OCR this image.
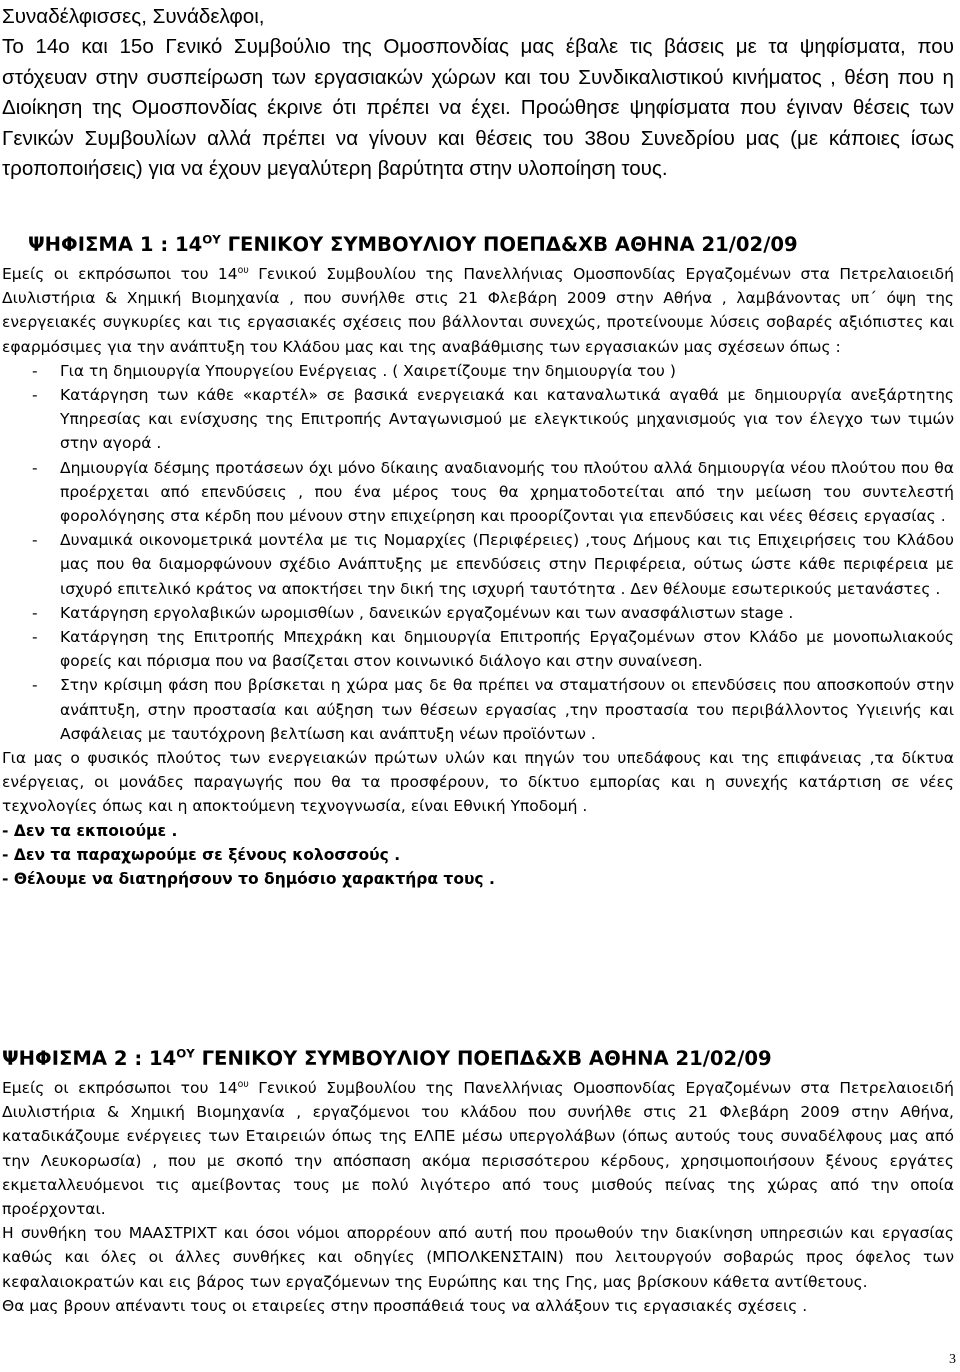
Συναδέλφισσες, Συνάδελφοι,

Το 14ο και 15ο Γενικό Συμβούλιο της Ομοσπονδίας μας έβαλε τις βάσεις με τα ψηφίσματα, που στόχευαν στην συσπείρωση των εργασιακών χώρων και του Συνδικαλιστικού κινήματος , θέση που η Διοίκηση της Ομοσπονδίας έκρινε ότι πρέπει να έχει. Προώθησε ψηφίσματα που έγιναν θέσεις των Γενικών Συμβουλίων αλλά πρέπει να γίνουν και θέσεις του 38ου Συνεδρίου μας (με κάποιες ίσως τροποποιήσεις) για να έχουν μεγαλύτερη βαρύτητα στην υλοποίηση τους.

ΨΗΦΙΣΜΑ 1 : $14^{O\Upsilon}$ ΓΕΝΙΚΟΥ ΣΥΜΒΟΥΛΙΟΥ ΠΟΕΠΔ&ΧΒ ΑΘΗΝΑ 21/02/09

Εμείς οι εκπρόσωποι του $14^{o\upsilon}$ Γενικού Συμβουλίου της Πανελλήνιας Ομοσπονδίας Εργαζομένων στα Πετρελαιοειδή Διυλιστήρια & Χημική Βιομηχανία , που συνήλθε στις 21 Φλεβάρη 2009 στην Αθήνα , λαμβάνοντας υπ΄ όψη της ενεργειακές συγκυρίες και τις εργασιακές σχέσεις που βάλλονται συνεχώς, προτείνουμε λύσεις σοβαρές αξιόπιστες και εφαρμόσιμες για την ανάπτυξη του Κλάδου μας και της αναβάθμισης των εργασιακών μας σχέσεων όπως :

- Για τη δημιουργία Υπουργείου Ενέργειας . ( Χαιρετίζουμε την δημιουργία του )
- Κατάργηση των κάθε «καρτέλ» σε βασικά ενεργειακά και καταναλωτικά αγαθά με δημιουργία ανεξάρτητης Υπηρεσίας και ενίσχυσης της Επιτροπής Ανταγωνισμού με ελεγκτικούς μηχανισμούς για τον έλεγχο των τιμών στην αγορά .
- Δημιουργία δέσμης προτάσεων όχι μόνο δίκαιης αναδιανομής του πλούτου αλλά δημιουργία νέου πλούτου που θα προέρχεται από επενδύσεις , που ένα μέρος τους θα χρηματοδοτείται από την μείωση του συντελεστή φορολόγησης στα κέρδη που μένουν στην επιχείρηση και προορίζονται για επενδύσεις και νέες θέσεις εργασίας .
- Δυναμικά οικονομετρικά μοντέλα με τις Νομαρχίες (Περιφέρειες) ,τους Δήμους και τις Επιχειρήσεις του Κλάδου μας που θα διαμορφώνουν σχέδιο Ανάπτυξης με επενδύσεις στην Περιφέρεια, ούτως ώστε κάθε περιφέρεια με ισχυρό επιτελικό κράτος να αποκτήσει την δική της ισχυρή ταυτότητα . Δεν θέλουμε εσωτερικούς μετανάστες .
- Κατάργηση εργολαβικών ωρομισθίων , δανεικών εργαζομένων και των ανασφάλιστων stage .
- Κατάργηση της Επιτροπής Μπεχράκη και δημιουργία Επιτροπής Εργαζομένων στον Κλάδο με μονοπωλιακούς φορείς και πόρισμα που να βασίζεται στον κοινωνικό διάλογο και στην συναίνεση.
- Στην κρίσιμη φάση που βρίσκεται η χώρα μας δε θα πρέπει να σταματήσουν οι επενδύσεις που αποσκοπούν στην ανάπτυξη, στην προστασία και αύξηση των θέσεων εργασίας ,την προστασία του περιβάλλοντος Υγιεινής και Ασφάλειας με ταυτόχρονη βελτίωση και ανάπτυξη νέων προϊόντων .

Για μας ο φυσικός πλούτος των ενεργειακών πρώτων υλών και πηγών του υπεδάφους και της επιφάνειας ,τα δίκτυα ενέργειας, οι μονάδες παραγωγής που θα τα προσφέρουν, το δίκτυο εμπορίας και η συνεχής κατάρτιση σε νέες τεχνολογίες όπως και η αποκτούμενη τεχνογνωσία, είναι Εθνική Υποδομή .

- Δεν τα εκποιούμε .

- Δεν τα παραχωρούμε σε ξένους κολοσσούς .

- Θέλουμε να διατηρήσουν το δημόσιο χαρακτήρα τους .

ΨΗΦΙΣΜΑ 2 : $14^{O\Upsilon}$ ΓΕΝΙΚΟΥ ΣΥΜΒΟΥΛΙΟΥ ΠΟΕΠΔ&ΧΒ ΑΘΗΝΑ 21/02/09

Εμείς οι εκπρόσωποι του $14^{o\upsilon}$ Γενικού Συμβουλίου της Πανελλήνιας Ομοσπονδίας Εργαζομένων στα Πετρελαιοειδή Διυλιστήρια & Χημική Βιομηχανία , εργαζόμενοι του κλάδου που συνήλθε στις 21 Φλεβάρη 2009 στην Αθήνα, καταδικάζουμε ενέργειες των Εταιρειών όπως της ΕΛΠΕ μέσω υπεργολάβων (όπως αυτούς τους συναδέλφους μας από την Λευκορωσία) , που με σκοπό την απόσπαση ακόμα περισσότερου κέρδους, χρησιμοποιήσουν ξένους εργάτες εκμεταλλευόμενοι τις αμείβοντας τους με πολύ λιγότερο από τους μισθούς πείνας της χώρας από την οποία προέρχονται.

Η συνθήκη του ΜΑΑΣΤΡΙΧΤ και όσοι νόμοι απορρέουν από αυτή που προωθούν την διακίνηση υπηρεσιών και εργασίας καθώς και όλες οι άλλες συνθήκες και οδηγίες (ΜΠΟΛΚΕΝΣΤΑΙΝ) που λειτουργούν σοβαρώς προς όφελος των κεφαλαιοκρατών και εις βάρος των εργαζόμενων της Ευρώπης και της Γης, μας βρίσκουν κάθετα αντίθετους.

Θα μας βρουν απέναντι τους οι εταιρείες στην προσπάθειά τους να αλλάξουν τις εργασιακές σχέσεις .

3
